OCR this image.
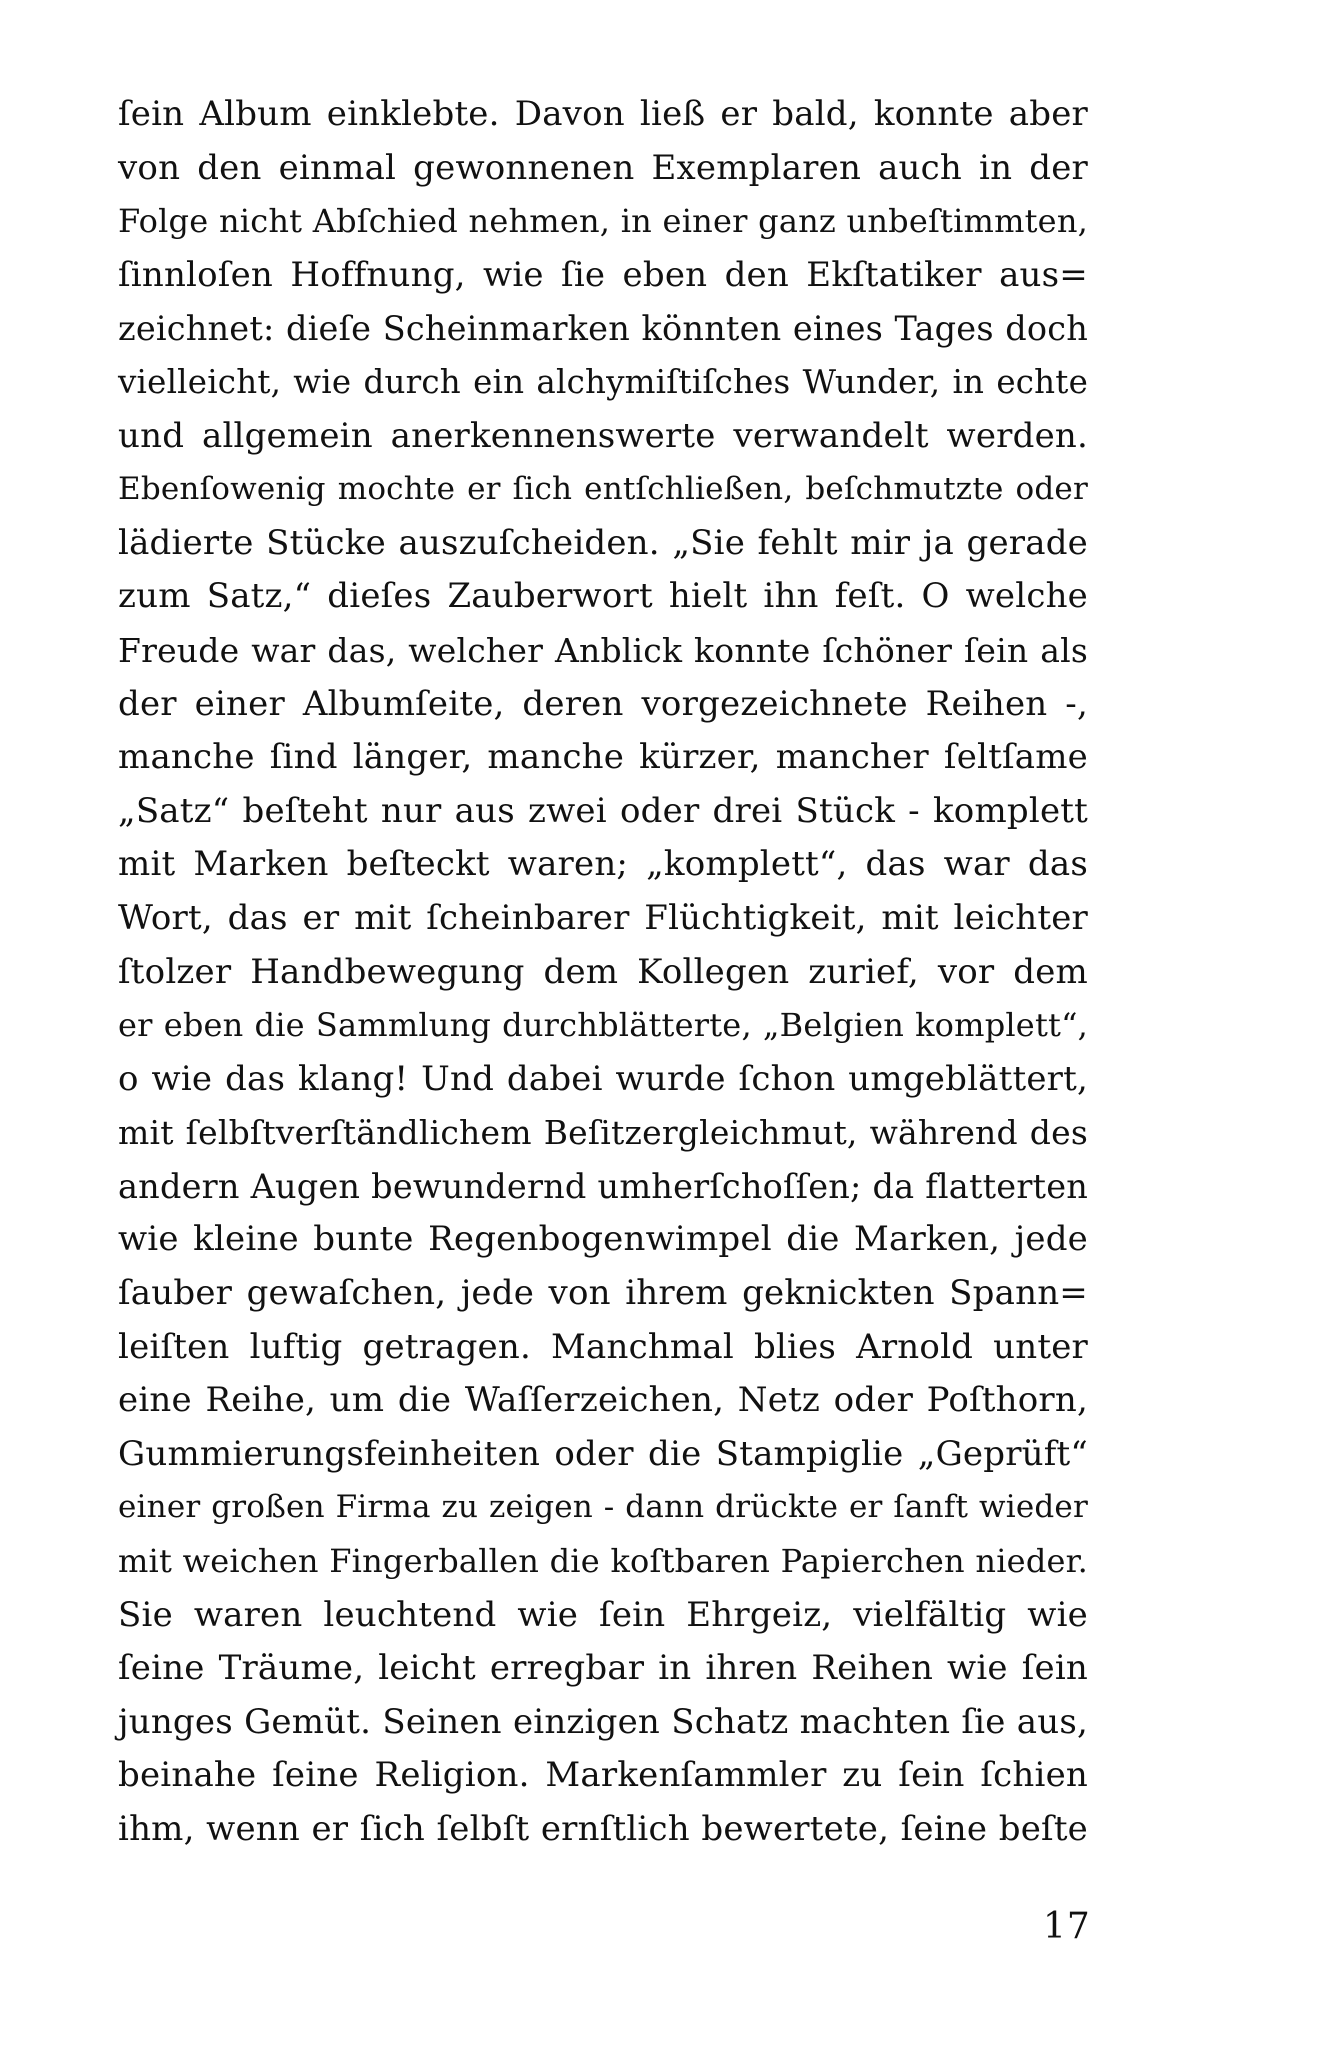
ſein Album einklebte. Davon ließ er bald, konnte aber
von den einmal gewonnenen Exemplaren auch in der
Folge nicht Abſchied nehmen, in einer ganz unbeſtimmten,
ſinnloſen Hoffnung, wie ſie eben den Ekſtatiker aus=
zeichnet: dieſe Scheinmarken könnten eines Tages doch
vielleicht, wie durch ein alchymiſtiſches Wunder, in echte
und allgemein anerkennenswerte verwandelt werden.
Ebenſowenig mochte er ſich entſchließen, beſchmutzte oder
lädierte Stücke auszuſcheiden. „Sie fehlt mir ja gerade
zum Satz,“ dieſes Zauberwort hielt ihn feſt. O welche
Freude war das, welcher Anblick konnte ſchöner ſein als
der einer Albumſeite, deren vorgezeichnete Reihen -,
manche ſind länger, manche kürzer, mancher ſeltſame
„Satz“ beſteht nur aus zwei oder drei Stück - komplett
mit Marken beſteckt waren; „komplett“, das war das
Wort, das er mit ſcheinbarer Flüchtigkeit, mit leichter
ſtolzer Handbewegung dem Kollegen zurief, vor dem
er eben die Sammlung durchblätterte, „Belgien komplett“,
o wie das klang! Und dabei wurde ſchon umgeblättert,
mit ſelbſtverſtändlichem Beſitzergleichmut, während des
andern Augen bewundernd umherſchoſſen; da flatterten
wie kleine bunte Regenbogenwimpel die Marken, jede
ſauber gewaſchen, jede von ihrem geknickten Spann=
leiſten luftig getragen. Manchmal blies Arnold unter
eine Reihe, um die Waſſerzeichen, Netz oder Poſthorn,
Gummierungsfeinheiten oder die Stampiglie „Geprüft“
einer großen Firma zu zeigen - dann drückte er ſanft wieder
mit weichen Fingerballen die koſtbaren Papierchen nieder.
Sie waren leuchtend wie ſein Ehrgeiz, vielfältig wie
ſeine Träume, leicht erregbar in ihren Reihen wie ſein
junges Gemüt. Seinen einzigen Schatz machten ſie aus,
beinahe ſeine Religion. Markenſammler zu ſein ſchien
ihm, wenn er ſich ſelbſt ernſtlich bewertete, ſeine beſte
17
